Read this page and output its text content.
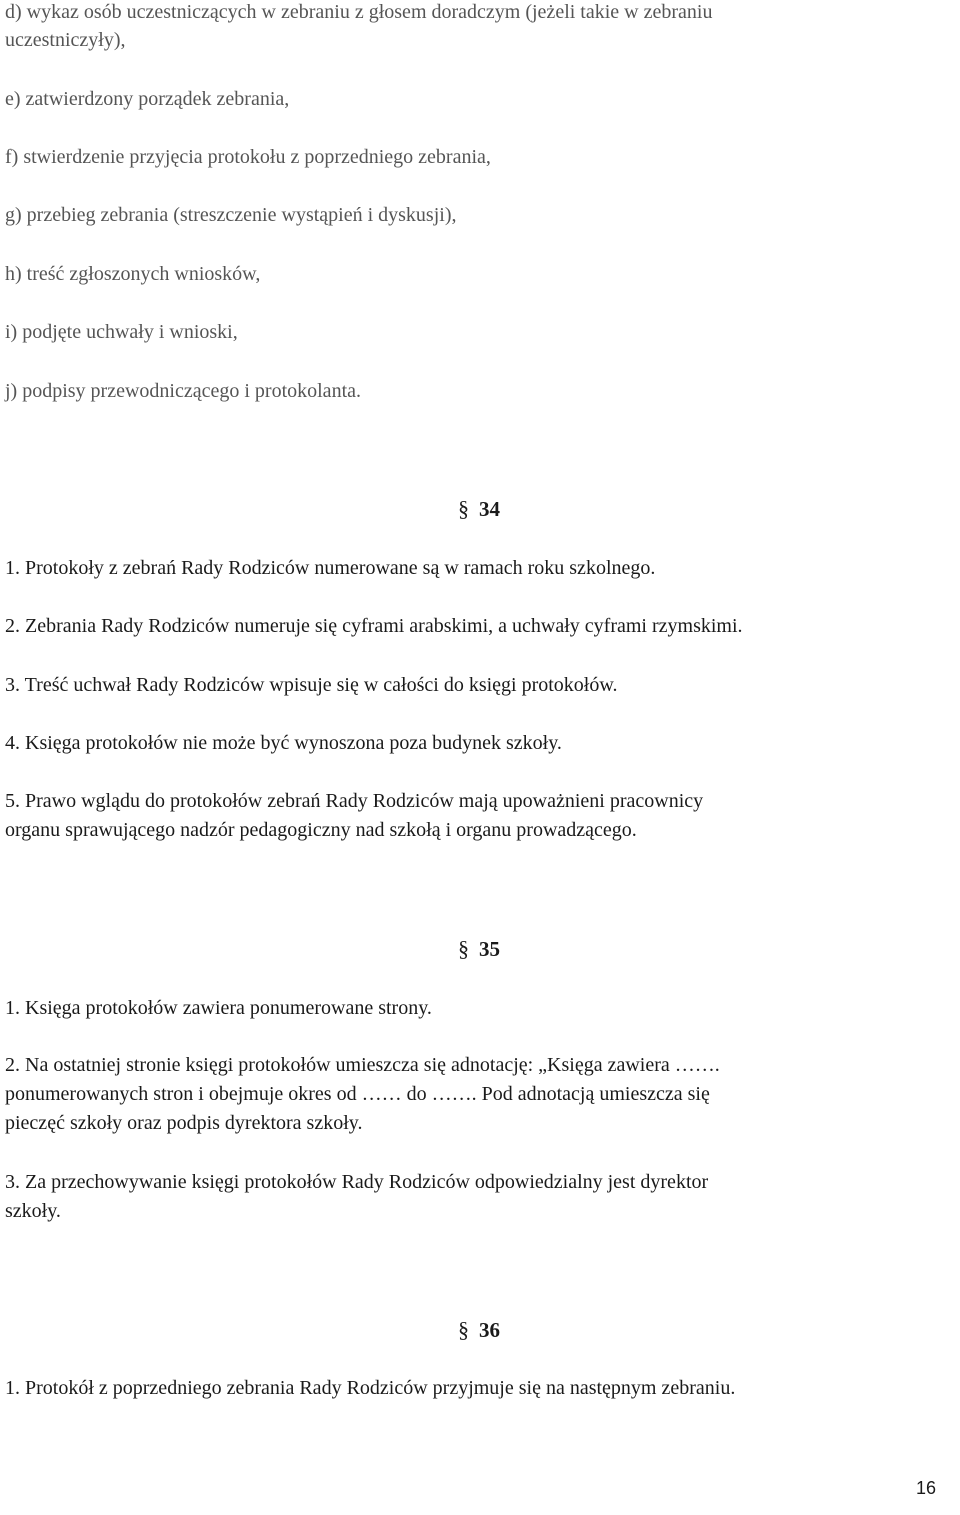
d) wykaz osób uczestniczących w zebraniu z głosem doradczym (jeżeli takie w zebraniu
uczestniczyły),
e) zatwierdzony porządek zebrania,
f) stwierdzenie przyjęcia protokołu z poprzedniego zebrania,
g) przebieg zebrania (streszczenie wystąpień i dyskusji),
h) treść zgłoszonych wniosków,
i) podjęte uchwały i wnioski,
j) podpisy przewodniczącego i protokolanta.
§ 34
1. Protokoły z zebrań Rady Rodziców numerowane są w ramach roku szkolnego.
2. Zebrania Rady Rodziców numeruje się cyframi arabskimi, a uchwały cyframi rzymskimi.
3. Treść uchwał Rady Rodziców wpisuje się w całości do księgi protokołów.
4. Księga protokołów nie może być wynoszona poza budynek szkoły.
5. Prawo wglądu do protokołów zebrań Rady Rodziców mają upoważnieni pracownicy
organu sprawującego nadzór pedagogiczny nad szkołą i organu prowadzącego.
§ 35
1. Księga protokołów zawiera ponumerowane strony.
2. Na ostatniej stronie księgi protokołów umieszcza się adnotację: „Księga zawiera …….
ponumerowanych stron i obejmuje okres od …… do ……. Pod adnotacją umieszcza się
pieczęć szkoły oraz podpis dyrektora szkoły.
3. Za przechowywanie księgi protokołów Rady Rodziców odpowiedzialny jest dyrektor
szkoły.
§ 36
1. Protokół z poprzedniego zebrania Rady Rodziców przyjmuje się na następnym zebraniu.
16
